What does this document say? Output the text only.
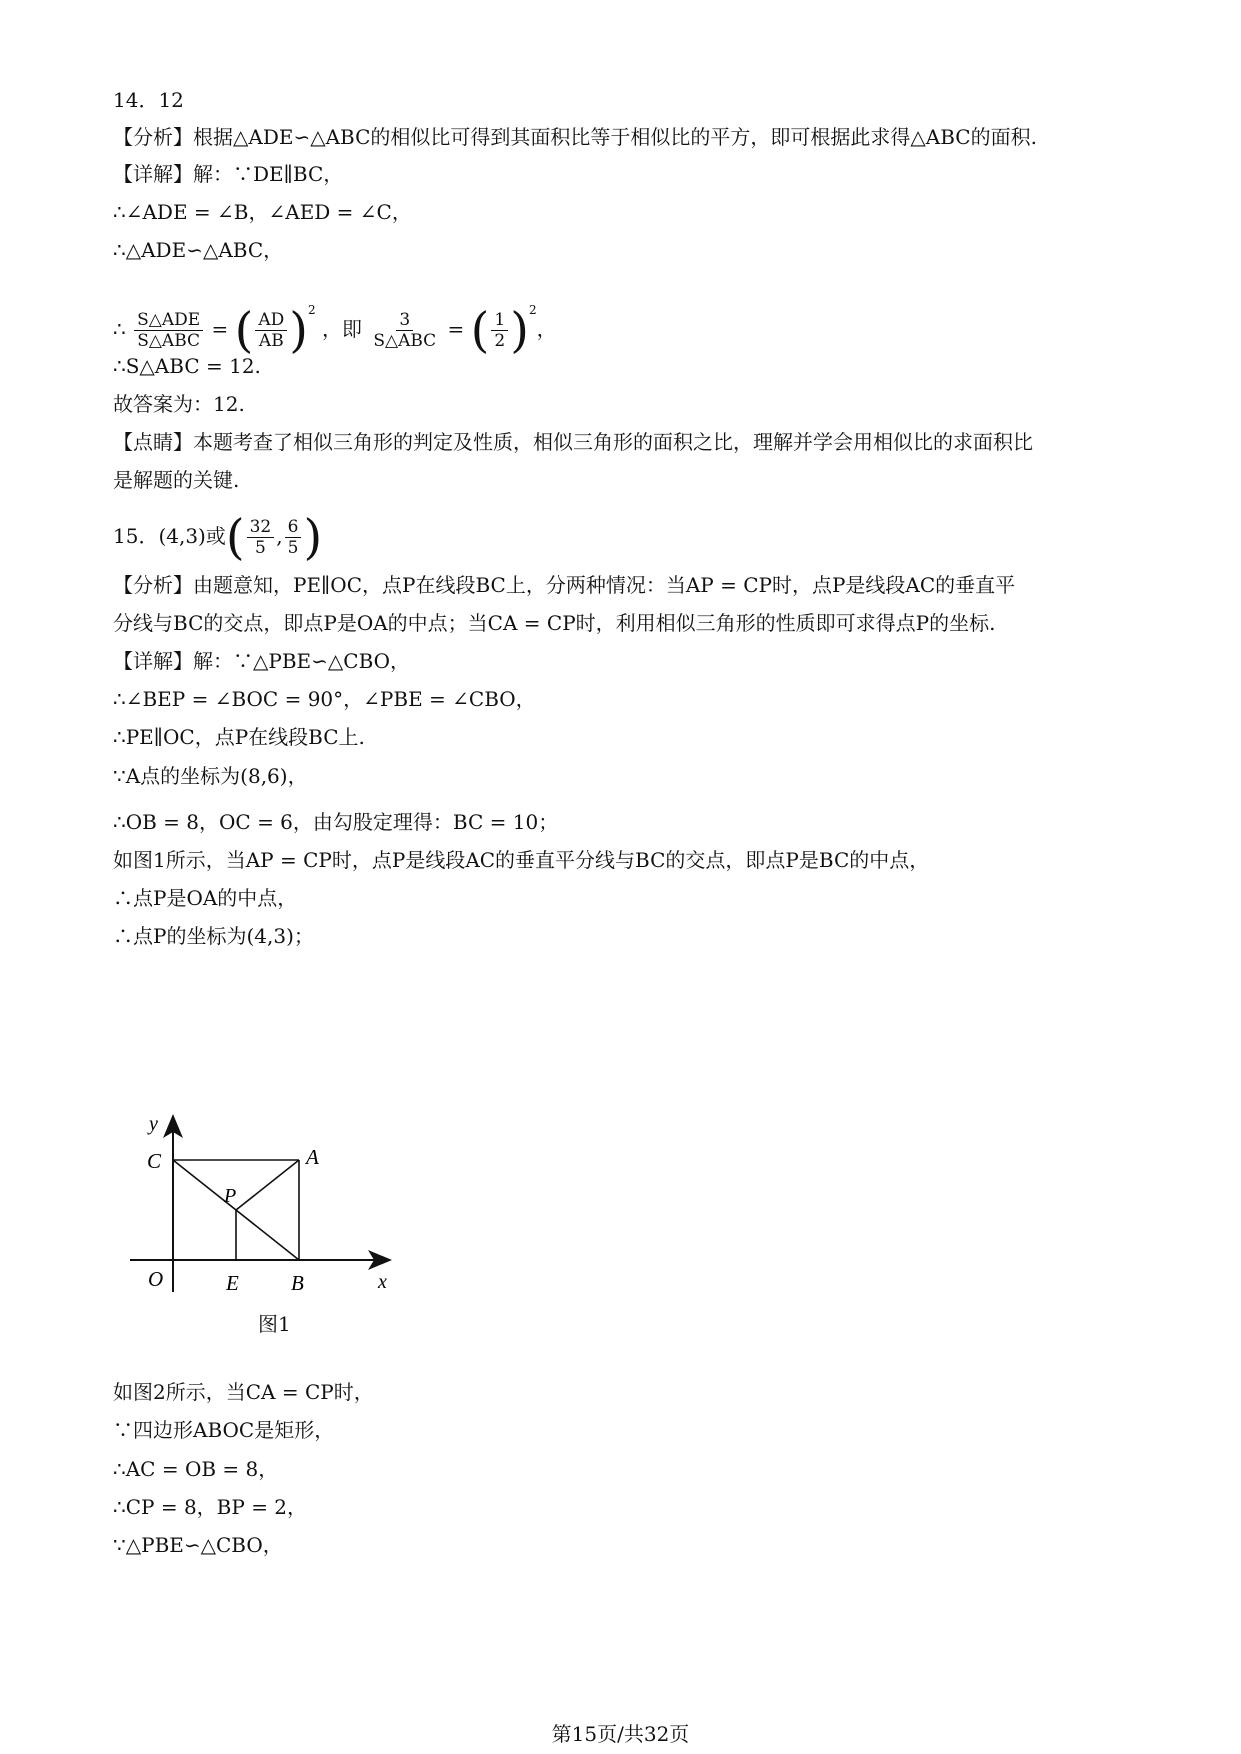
14．12
【分析】根据△ADE∽△ABC的相似比可得到其面积比等于相似比的平方，即可根据此求得△ABC的面积.
【详解】解：∵DE∥BC，
∴∠ADE = ∠B，∠AED = ∠C，
∴△ADE∽△ABC，
∴ $\frac{\text{S△ADE}}{\text{S△ABC}}$ = ( $\frac{AD}{AB} )^2$ ，即 $\frac{3}{\text{S△ABC}}$ = ( $\frac{1}{2} )^2$，
∴S△ABC = 12.
故答案为：12.
【点睛】本题考查了相似三角形的判定及性质，相似三角形的面积之比，理解并学会用相似比的求面积比
是解题的关键.
15．(4,3)或( $\frac{32}{5}$ , $\frac{6}{5}$ )
【分析】由题意知，PE∥OC，点P在线段BC上，分两种情况：当AP = CP时，点P是线段AC的垂直平
分线与BC的交点，即点P是OA的中点；当CA = CP时，利用相似三角形的性质即可求得点P的坐标.
【详解】解：∵△PBE∽△CBO，
∴∠BEP = ∠BOC = 90°，∠PBE = ∠CBO，
∴PE∥OC，点P在线段BC上.
∵A点的坐标为(8,6)，
∴OB = 8，OC = 6，由勾股定理得：BC = 10；
如图1所示，当AP = CP时，点P是线段AC的垂直平分线与BC的交点，即点P是BC的中点，
∴点P是OA的中点，
∴点P的坐标为(4,3)；
y
C	A
P
O	E B	x
图1
如图2所示，当CA = CP时，
∵四边形ABOC是矩形，
∴AC = OB = 8，
∴CP = 8，BP = 2，
∵△PBE∽△CBO，
第15页/共32页
